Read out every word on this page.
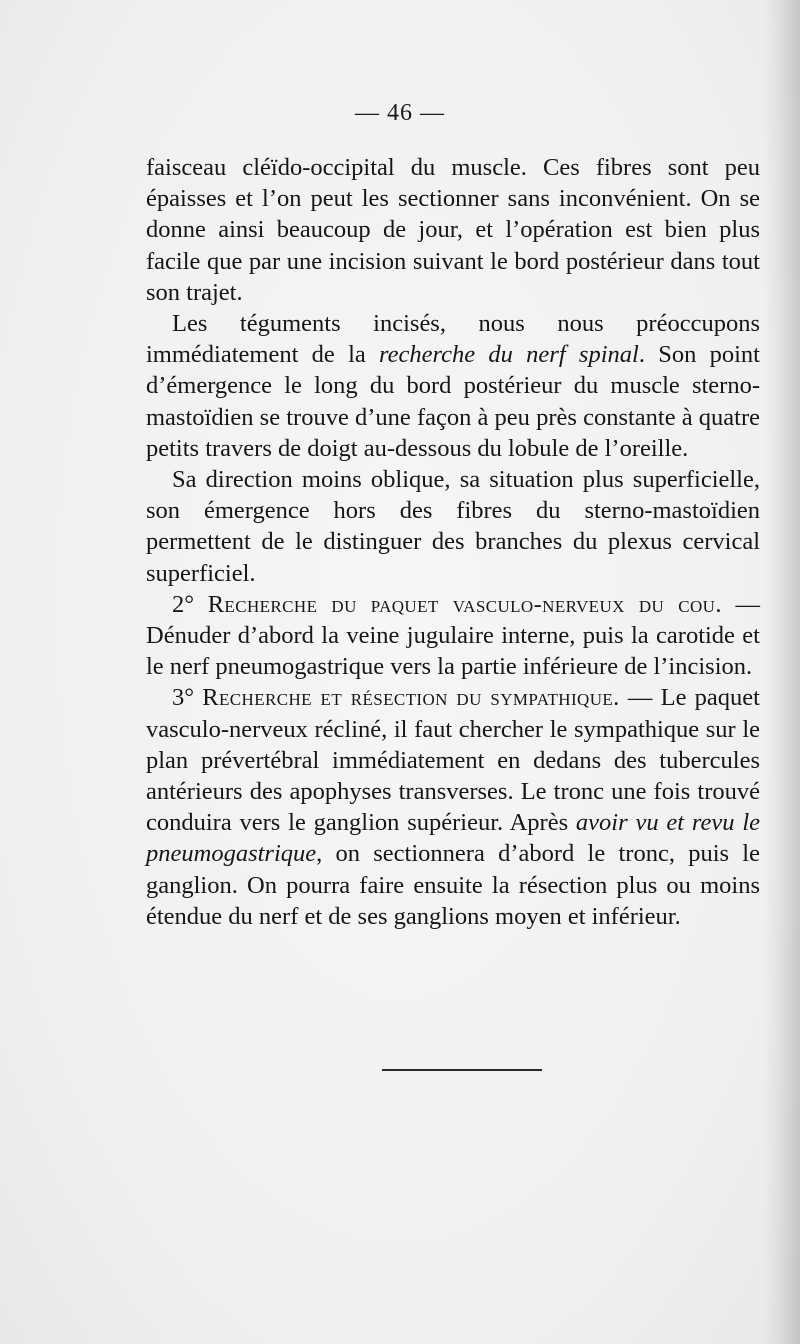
— 46 —

faisceau cléïdo-occipital du muscle. Ces fibres sont peu épaisses et l’on peut les sectionner sans inconvénient. On se donne ainsi beaucoup de jour, et l’opération est bien plus facile que par une incision suivant le bord postérieur dans tout son trajet.

Les téguments incisés, nous nous préoccupons immédiatement de la recherche du nerf spinal. Son point d’émergence le long du bord postérieur du muscle sterno-mastoïdien se trouve d’une façon à peu près constante à quatre petits travers de doigt au-dessous du lobule de l’oreille.

Sa direction moins oblique, sa situation plus superficielle, son émergence hors des fibres du sterno-mastoïdien permettent de le distinguer des branches du plexus cervical superficiel.

2° Recherche du paquet vasculo-nerveux du cou. — Dénuder d’abord la veine jugulaire interne, puis la carotide et le nerf pneumogastrique vers la partie inférieure de l’incision.

3° Recherche et résection du sympathique. — Le paquet vasculo-nerveux récliné, il faut chercher le sympathique sur le plan prévertébral immédiatement en dedans des tubercules antérieurs des apophyses transverses. Le tronc une fois trouvé conduira vers le ganglion supérieur. Après avoir vu et revu le pneumogastrique, on sectionnera d’abord le tronc, puis le ganglion. On pourra faire ensuite la résection plus ou moins étendue du nerf et de ses ganglions moyen et inférieur.
